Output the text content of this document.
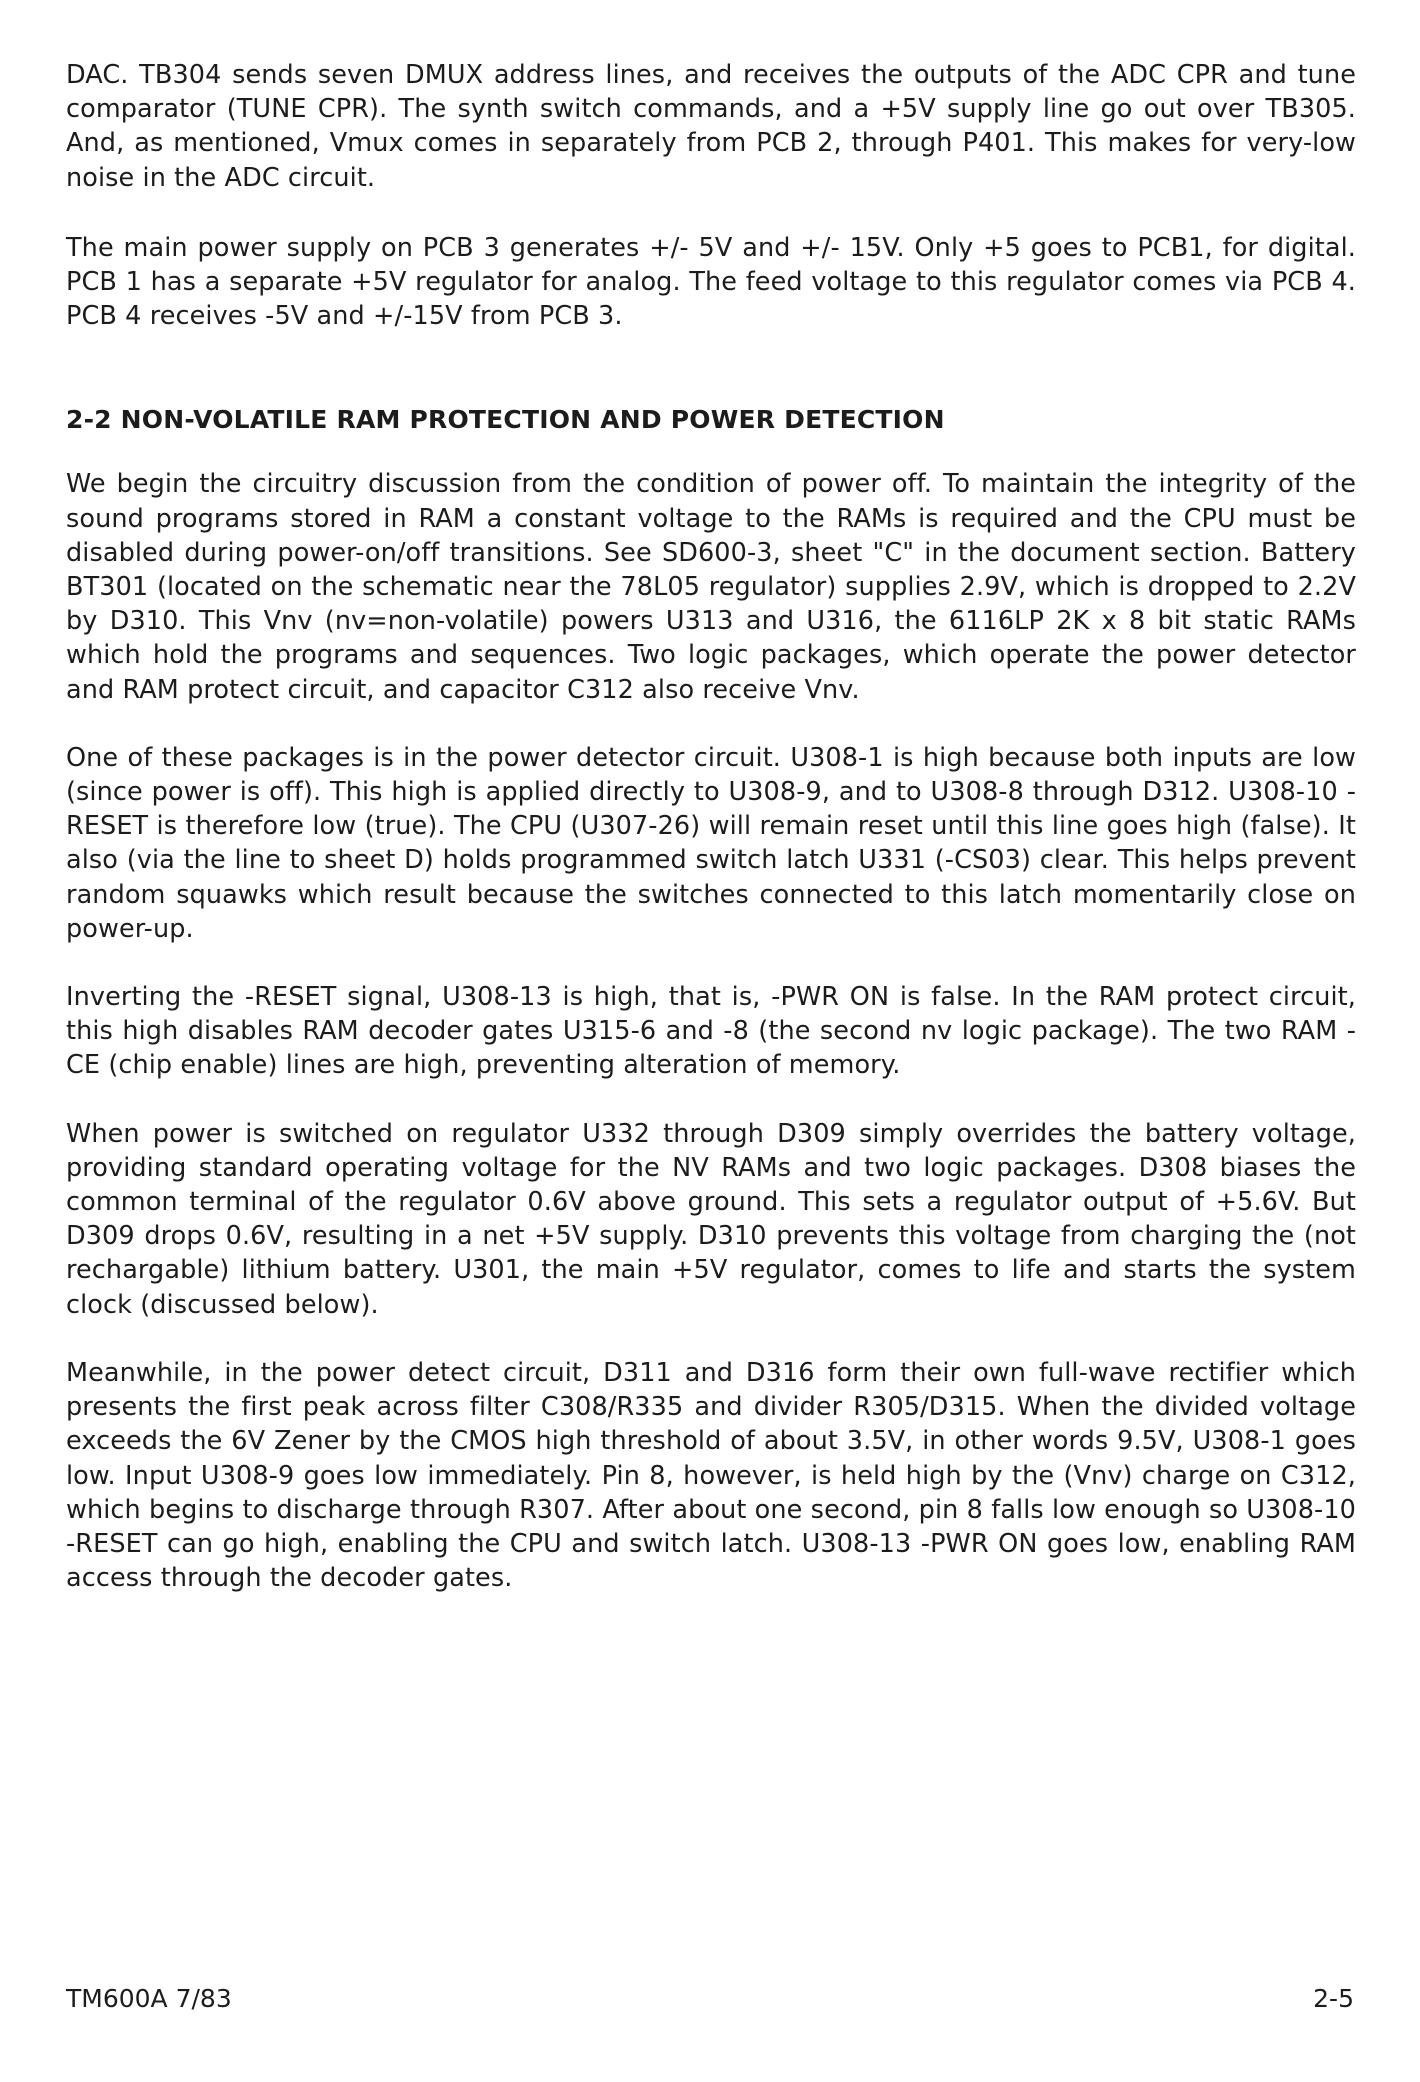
DAC. TB304 sends seven DMUX address lines, and receives the outputs of the ADC CPR and tune comparator (TUNE CPR). The synth switch commands, and a +5V supply line go out over TB305. And, as mentioned, Vmux comes in separately from PCB 2, through P401. This makes for very-low noise in the ADC circuit.

The main power supply on PCB 3 generates +/- 5V and +/- 15V. Only +5 goes to PCB1, for digital. PCB 1 has a separate +5V regulator for analog. The feed voltage to this regulator comes via PCB 4. PCB 4 receives -5V and +/-15V from PCB 3.

2-2 NON-VOLATILE RAM PROTECTION AND POWER DETECTION

We begin the circuitry discussion from the condition of power off. To maintain the integrity of the sound programs stored in RAM a constant voltage to the RAMs is required and the CPU must be disabled during power-on/off transitions. See SD600-3, sheet "C" in the document section. Battery BT301 (located on the schematic near the 78L05 regulator) supplies 2.9V, which is dropped to 2.2V by D310. This Vnv (nv=non-volatile) powers U313 and U316, the 6116LP 2K x 8 bit static RAMs which hold the programs and sequences. Two logic packages, which operate the power detector and RAM protect circuit, and capacitor C312 also receive Vnv.

One of these packages is in the power detector circuit. U308-1 is high because both inputs are low (since power is off). This high is applied directly to U308-9, and to U308-8 through D312. U308-10 -RESET is therefore low (true). The CPU (U307-26) will remain reset until this line goes high (false). It also (via the line to sheet D) holds programmed switch latch U331 (-CS03) clear. This helps prevent random squawks which result because the switches connected to this latch momentarily close on power-up.

Inverting the -RESET signal, U308-13 is high, that is, -PWR ON is false. In the RAM protect circuit, this high disables RAM decoder gates U315-6 and -8 (the second nv logic package). The two RAM -CE (chip enable) lines are high, preventing alteration of memory.

When power is switched on regulator U332 through D309 simply overrides the battery voltage, providing standard operating voltage for the NV RAMs and two logic packages. D308 biases the common terminal of the regulator 0.6V above ground. This sets a regulator output of +5.6V. But D309 drops 0.6V, resulting in a net +5V supply. D310 prevents this voltage from charging the (not rechargable) lithium battery. U301, the main +5V regulator, comes to life and starts the system clock (discussed below).

Meanwhile, in the power detect circuit, D311 and D316 form their own full-wave rectifier which presents the first peak across filter C308/R335 and divider R305/D315. When the divided voltage exceeds the 6V Zener by the CMOS high threshold of about 3.5V, in other words 9.5V, U308-1 goes low. Input U308-9 goes low immediately. Pin 8, however, is held high by the (Vnv) charge on C312, which begins to discharge through R307. After about one second, pin 8 falls low enough so U308-10 -RESET can go high, enabling the CPU and switch latch. U308-13 -PWR ON goes low, enabling RAM access through the decoder gates.

TM600A 7/83	2-5
